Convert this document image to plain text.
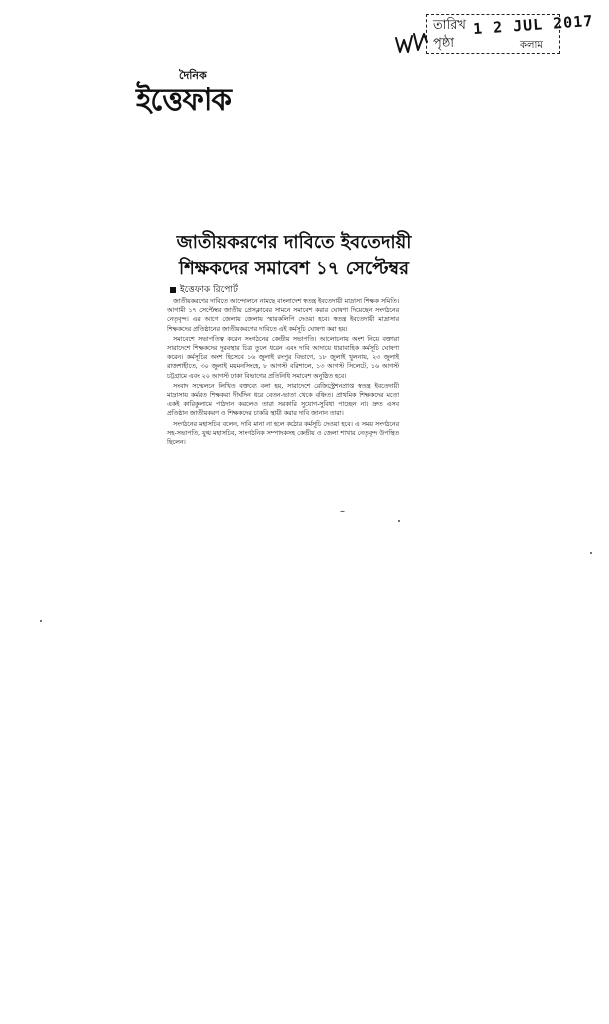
তারিখ
পৃষ্ঠা
1 2 JUL 2017
কলাম
দৈনিক
ইত্তেফাক
জাতীয়করণের দাবিতে ইবতেদায়ী
শিক্ষকদের সমাবেশ ১৭ সেপ্টেম্বর
ইত্তেফাক রিপোর্ট

জাতীয়করণের দাবিতে আন্দোলনে নামছে বাংলাদেশ স্বতন্ত্র ইবতেদায়ী মাদ্রাসা শিক্ষক সমিতি। আগামী ১৭ সেপ্টেম্বর জাতীয় প্রেসক্লাবের সামনে সমাবেশ করার ঘোষণা দিয়েছেন সংগঠনের নেতৃবৃন্দ। এর আগে জেলায় জেলায় স্মারকলিপি দেওয়া হবে। স্বতন্ত্র ইবতেদায়ী মাদ্রাসার শিক্ষকদের প্রতিষ্ঠানের জাতীয়করণের দাবিতে এই কর্মসূচি ঘোষণা করা হয়।

সমাবেশে সভাপতিত্ব করেন সংগঠনের কেন্দ্রীয় সভাপতি। আলোচনায় অংশ নিয়ে বক্তারা সারাদেশে শিক্ষকদের দুরবস্থার চিত্র তুলে ধরেন এবং দাবি আদায়ে ধারাবাহিক কর্মসূচি ঘোষণা করেন। কর্মসূচির অংশ হিসেবে ১৬ জুলাই রংপুর বিভাগে, ১৮ জুলাই খুলনায়, ২৩ জুলাই রাজশাহীতে, ৩০ জুলাই ময়মনসিংহে, ৮ আগস্ট বরিশালে, ১৩ আগস্ট সিলেটে, ১৬ আগস্ট চট্টগ্রামে এবং ২০ আগস্ট ঢাকা বিভাগের প্রতিনিধি সমাবেশ অনুষ্ঠিত হবে।

সংবাদ সম্মেলনে লিখিত বক্তব্যে বলা হয়, সারাদেশে রেজিস্ট্রেশনপ্রাপ্ত স্বতন্ত্র ইবতেদায়ী মাদ্রাসায় কর্মরত শিক্ষকরা দীর্ঘদিন ধরে বেতন-ভাতা থেকে বঞ্চিত। প্রাথমিক শিক্ষকদের মতো একই কারিকুলামে পাঠদান করলেও তারা সরকারি সুযোগ-সুবিধা পাচ্ছেন না। দ্রুত এসব প্রতিষ্ঠান জাতীয়করণ ও শিক্ষকদের চাকরি স্থায়ী করার দাবি জানান তারা।

সংগঠনের মহাসচিব বলেন, দাবি মানা না হলে কঠোর কর্মসূচি দেওয়া হবে। এ সময় সংগঠনের সহ-সভাপতি, যুগ্ম মহাসচিব, সাংগঠনিক সম্পাদকসহ কেন্দ্রীয় ও জেলা শাখার নেতৃবৃন্দ উপস্থিত ছিলেন।

–
